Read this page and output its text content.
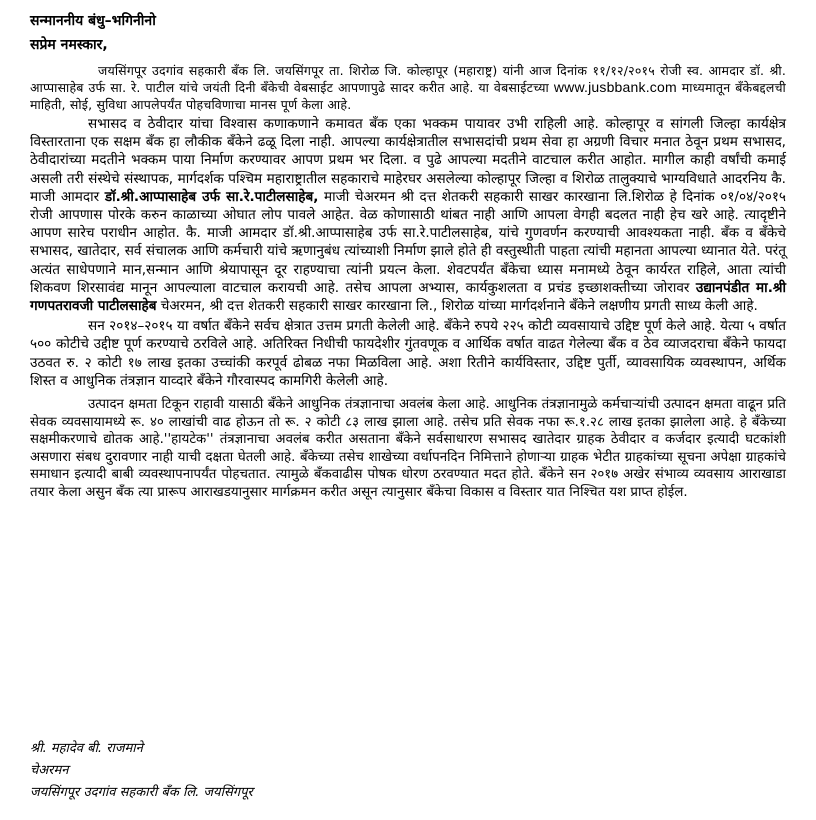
सन्माननीय बंधु–भगिनीनो
सप्रेम नमस्कार,
जयसिंगपूर उदगांव सहकारी बँक लि. जयसिंगपूर ता. शिरोळ जि. कोल्हापूर (महाराष्ट्र) यांनी आज दिनांक ११/१२/२०१५ रोजी स्व. आमदार डॉ. श्री. आप्पासाहेब उर्फ सा. रे. पाटील यांचे जयंती दिनी बँकेची वेबसाईट आपणापुढे सादर करीत आहे. या वेबसाईटच्या www.jusbbank.com माध्यमातून बँकेबद्दलची माहिती, सोई, सुविधा आपलेपर्यंत पोहचविणाचा मानस पूर्ण केला आहे.
सभासद व ठेवीदार यांचा विश्वास कणाकणाने कमावत बँक एका भक्कम पायावर उभी राहिली आहे. कोल्हापूर व सांगली जिल्हा कार्यक्षेत्र विस्तारताना एक सक्षम बँक हा लौकीक बँकेने ढळू दिला नाही. आपल्या कार्यक्षेत्रातील सभासदांची प्रथम सेवा हा अग्रणी विचार मनात ठेवून प्रथम सभासद, ठेवीदारांच्या मदतीने भक्कम पाया निर्माण करण्यावर आपण प्रथम भर दिला. व पुढे आपल्या मदतीने वाटचाल करीत आहोत. मागील काही वर्षांची कमाई असली तरी संस्थेचे संस्थापक, मार्गदर्शक पश्चिम महाराष्ट्रातील सहकाराचे माहेरघर असलेल्या कोल्हापूर जिल्हा व शिरोळ तालुक्याचे भाग्यविधाते आदरनिय कै. माजी आमदार डॉ.श्री.आप्पासाहेब उर्फ सा.रे.पाटीलसाहेब, माजी चेअरमन श्री दत्त शेतकरी सहकारी साखर कारखाना लि.शिरोळ हे दिनांक ०१/०४/२०१५ रोजी आपणास पोरके करुन काळाच्या ओघात लोप पावले आहेत. वेळ कोणासाठी थांबत नाही आणि आपला वेगही बदलत नाही हेच खरे आहे. त्यादृष्टीने आपण सारेच पराधीन आहोत. कै. माजी आमदार डॉ.श्री.आप्पासाहेब उर्फ सा.रे.पाटीलसाहेब, यांचे गुणवर्णन करण्याची आवश्यकता नाही. बँक व बँकेचे सभासद, खातेदार, सर्व संचालक आणि कर्मचारी यांचे ऋणानुबंध त्यांच्याशी निर्माण झाले होते ही वस्तुस्थीती पाहता त्यांची महानता आपल्या ध्यानात येते. परंतू अत्यंत साधेपणाने मान,सन्मान आणि श्रेयापासून दूर राहण्याचा त्यांनी प्रयत्न केला. शेवटपर्यंत बँकेचा ध्यास मनामध्ये ठेवून कार्यरत राहिले, आता त्यांची शिकवण शिरसावंद्य मानून आपल्याला वाटचाल करायची आहे. तसेच आपला अभ्यास, कार्यकुशलता व प्रचंड इच्छाशक्तीच्या जोरावर उद्यानपंडीत मा.श्री गणपतरावजी पाटीलसाहेब चेअरमन, श्री दत्त शेतकरी सहकारी साखर कारखाना लि., शिरोळ यांच्या मार्गदर्शनाने बँकेने लक्षणीय प्रगती साध्य केली आहे.
सन २०१४–२०१५ या वर्षात बँकेने सर्वच क्षेत्रात उत्तम प्रगती केलेली आहे. बँकेने रुपये २२५ कोटी व्यवसायाचे उद्दिष्ट पूर्ण केले आहे. येत्या ५ वर्षात ५०० कोटीचे उद्दीष्ट पूर्ण करण्याचे ठरविले आहे. अतिरिक्त निधीची फायदेशीर गुंतवणूक व आर्थिक वर्षात वाढत गेलेल्या बँक व ठेव व्याजदराचा बँकेने फायदा उठवत रु. २ कोटी १७ लाख इतका उच्चांकी करपूर्व ढोबळ नफा मिळविला आहे. अशा रितीने कार्यविस्तार, उद्दिष्ट पुर्ती, व्यावसायिक व्यवस्थापन, अर्थिक शिस्त व आधुनिक तंत्रज्ञान याव्दारे बँकेने गौरवास्पद कामगिरी केलेली आहे.
उत्पादन क्षमता टिकून राहावी यासाठी बँकेने आधुनिक तंत्रज्ञानाचा अवलंब केला आहे. आधुनिक तंत्रज्ञानामुळे कर्मचाऱ्यांची उत्पादन क्षमता वाढून प्रति सेवक व्यवसायामध्ये रू. ४० लाखांची वाढ होऊन तो रू. २ कोटी ८३ लाख झाला आहे. तसेच प्रति सेवक नफा रू.१.२८ लाख इतका झालेला आहे. हे बँकेच्या सक्षमीकरणाचे द्योतक आहे.''हायटेक'' तंत्रज्ञानाचा अवलंब करीत असताना बँकेने सर्वसाधारण सभासद खातेदार ग्राहक ठेवीदार व कर्जदार इत्यादी घटकांशी असणारा संबध दुरावणार नाही याची दक्षता घेतली आहे. बँकेच्या तसेच शाखेच्या वर्धापनदिन निमित्ताने होणाऱ्या ग्राहक भेटीत ग्राहकांच्या सूचना अपेक्षा ग्राहकांचे समाधान इत्यादी बाबी व्यवस्थापनापर्यंत पोहचतात. त्यामुळे बँकवाढीस पोषक धोरण ठरवण्यात मदत होते. बँकेने सन २०१७ अखेर संभाव्य व्यवसाय आराखाडा तयार केला असुन बँक त्या प्रारूप आराखडयानुसार मार्गक्रमन करीत असून त्यानुसार बँकेचा विकास व विस्तार यात निश्चित यश प्राप्त होईल.
श्री. महादेव बी. राजमाने
चेअरमन
जयसिंगपूर उदगांव सहकारी बँक लि. जयसिंगपूर
